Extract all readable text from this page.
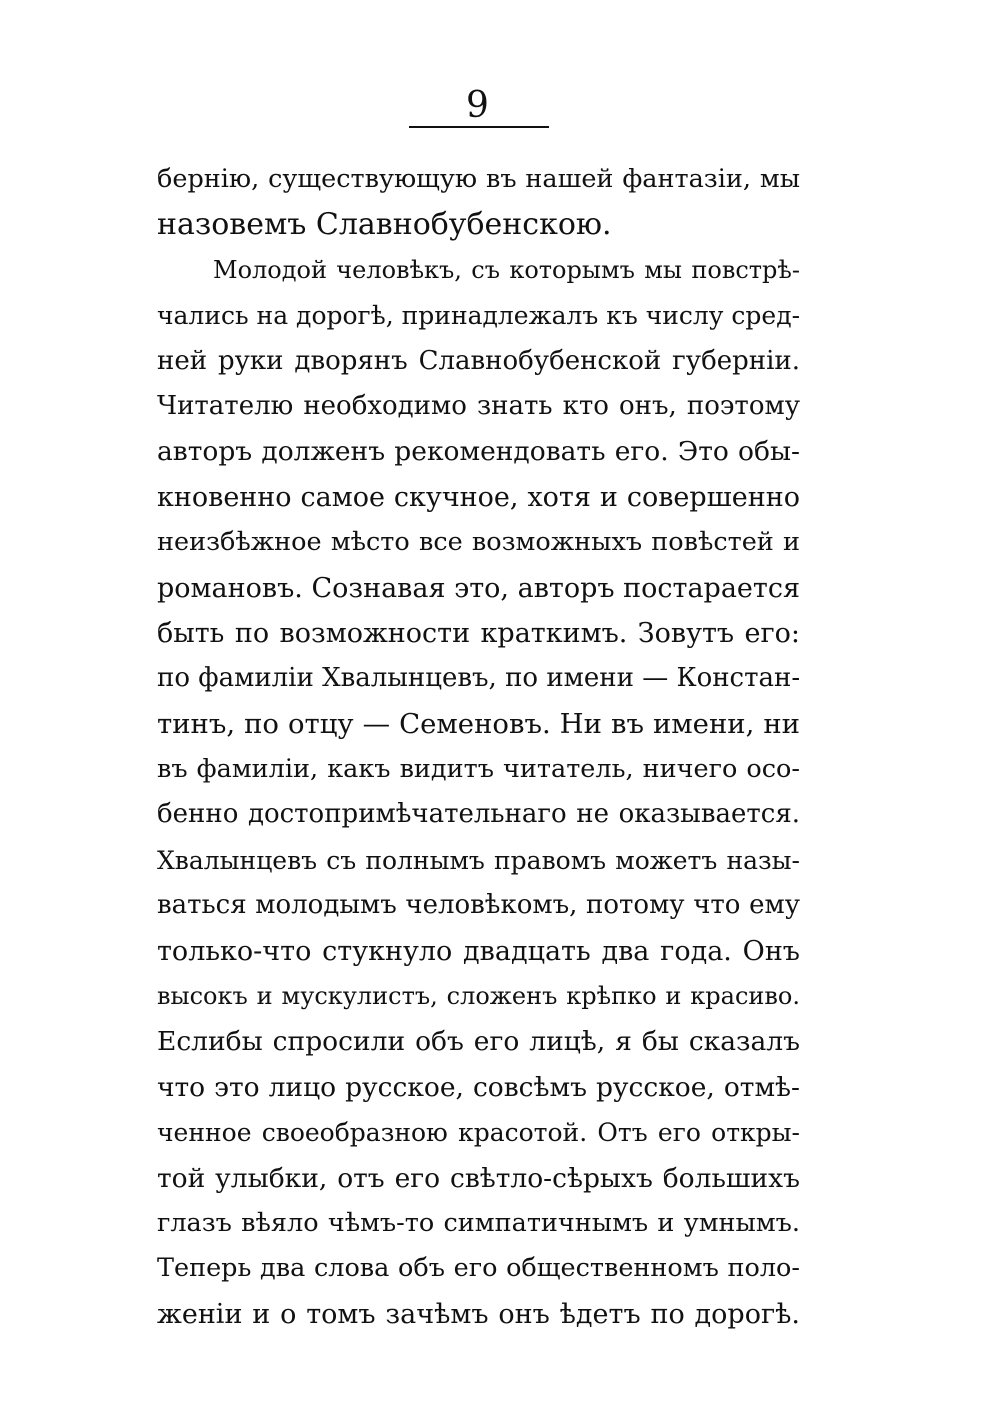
9
бернію, существующую въ нашей фантазіи, мы
назовемъ Славнобубенскою.
Молодой человѣкъ, съ которымъ мы повстрѣ-
чались на дорогѣ, принадлежалъ къ числу сред-
ней руки дворянъ Славнобубенской губерніи.
Читателю необходимо знать кто онъ, поэтому
авторъ долженъ рекомендовать его. Это обы-
кновенно самое скучное, хотя и совершенно
неизбѣжное мѣсто все возможныхъ повѣстей и
романовъ. Сознавая это, авторъ постарается
быть по возможности краткимъ. Зовутъ его:
по фамиліи Хвалынцевъ, по имени — Констан-
тинъ, по отцу — Семеновъ. Ни въ имени, ни
въ фамиліи, какъ видитъ читатель, ничего осо-
бенно достопримѣчательнаго не оказывается.
Хвалынцевъ съ полнымъ правомъ можетъ назы-
ваться молодымъ человѣкомъ, потому что ему
только-что стукнуло двадцать два года. Онъ
высокъ и мускулистъ, сложенъ крѣпко и красиво.
Еслибы спросили объ его лицѣ, я бы сказалъ
что это лицо русское, совсѣмъ русское, отмѣ-
ченное своеобразною красотой. Отъ его откры-
той улыбки, отъ его свѣтло-сѣрыхъ большихъ
глазъ вѣяло чѣмъ-то симпатичнымъ и умнымъ.
Теперь два слова объ его общественномъ поло-
женіи и о томъ зачѣмъ онъ ѣдетъ по дорогѣ.
